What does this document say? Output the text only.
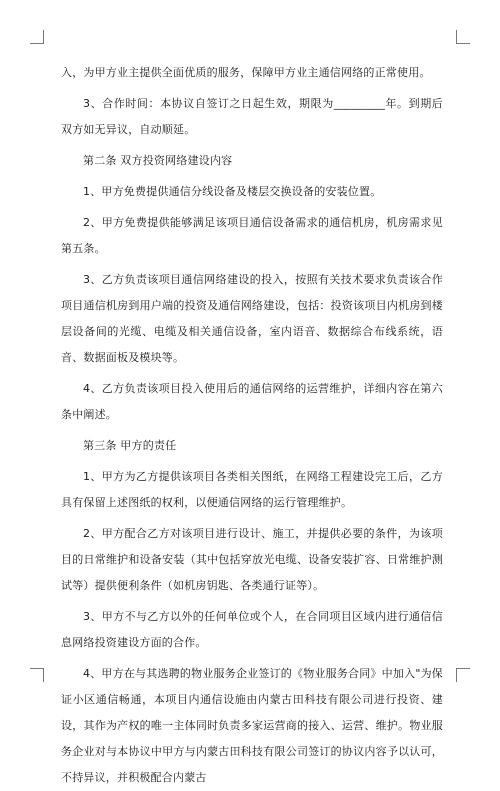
入，为甲方业主提供全面优质的服务，保障甲方业主通信网络的正常使用。

3、合作时间：本协议自签订之日起生效，期限为_________年。到期后双方如无异议，自动顺延。

第二条 双方投资网络建设内容

1、甲方免费提供通信分线设备及楼层交换设备的安装位置。

2、甲方免费提供能够满足该项目通信设备需求的通信机房，机房需求见第五条。

3、乙方负责该项目通信网络建设的投入，按照有关技术要求负责该合作项目通信机房到用户端的投资及通信网络建设，包括：投资该项目内机房到楼层设备间的光缆、电缆及相关通信设备，室内语音、数据综合布线系统，语音、数据面板及模块等。

4、乙方负责该项目投入使用后的通信网络的运营维护，详细内容在第六条中阐述。

第三条 甲方的责任

1、甲方为乙方提供该项目各类相关图纸，在网络工程建设完工后，乙方具有保留上述图纸的权利，以便通信网络的运行管理维护。

2、甲方配合乙方对该项目进行设计、施工，并提供必要的条件，为该项目的日常维护和设备安装（其中包括穿放光电缆、设备安装扩容、日常维护测试等）提供便利条件（如机房钥匙、各类通行证等）。

3、甲方不与乙方以外的任何单位或个人，在合同项目区域内进行通信信息网络投资建设方面的合作。

4、甲方在与其选聘的物业服务企业签订的《物业服务合同》中加入"为保证小区通信畅通，本项目内通信设施由内蒙古田科技有限公司进行投资、建设，其作为产权的唯一主体同时负责多家运营商的接入、运营、维护。物业服务企业对与本协议中甲方与内蒙古田科技有限公司签订的协议内容予以认可，不持异议，并积极配合内蒙古
